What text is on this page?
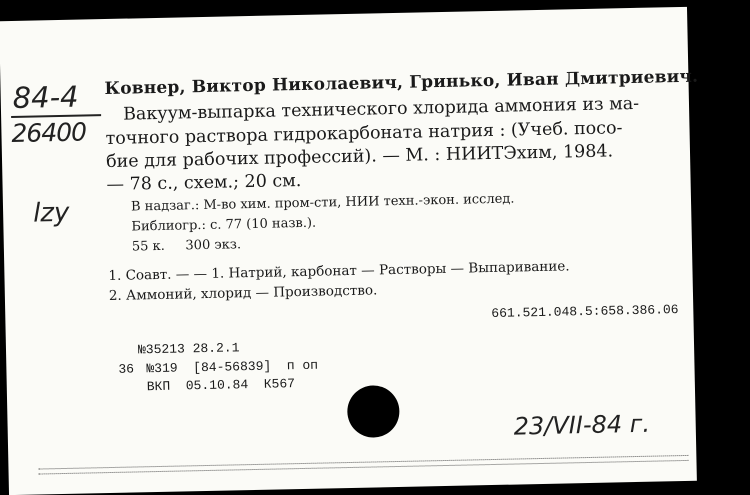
84-4
26400
lzy
Ковнер, Виктор Николаевич, Гринько, Иван Дмитриевич.
Вакуум-выпарка технического хлорида аммония из ма-
точного раствора гидрокарбоната натрия : (Учеб. посо-
бие для рабочих профессий). — М. : НИИТЭхим, 1984.
— 78 с., схем.; 20 см.
В надзаг.: М-во хим. пром-сти, НИИ техн.-экон. исслед.
Библиогр.: с. 77 (10 назв.).
55 к.     300 экз.
1. Соавт. — — 1. Натрий, карбонат — Растворы — Выпаривание.
2. Аммоний, хлорид — Производство.
661.521.048.5:658.386.06
№35213 28.2.1
36 №319  [84-56839]  п оп
ВКП  05.10.84  К567
23/VII-84 г.
